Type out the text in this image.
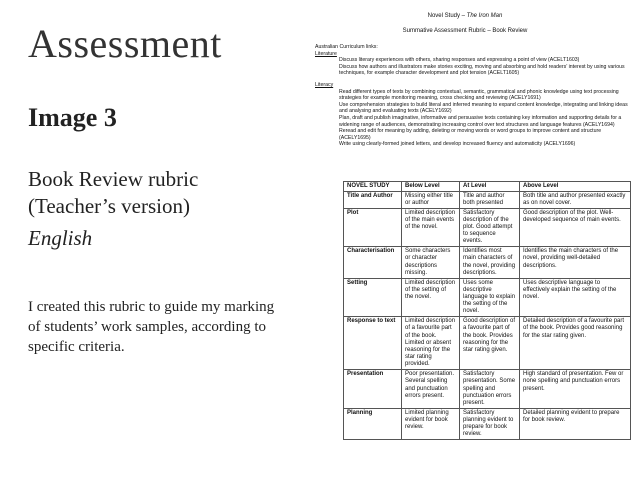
Assessment
Image 3
Book Review rubric (Teacher’s version)
English
I created this rubric to guide my marking of students’ work samples, according to specific criteria.
Novel Study – The Iron Man
Summative Assessment Rubric – Book Review
Australian Curriculum links:
Literature
Discuss literary experiences with others, sharing responses and expressing a point of view (ACELT1603)
Discuss how authors and illustrators make stories exciting, moving and absorbing and hold readers’ interest by using various techniques, for example character development and plot tension (ACELT1605)
Literacy
Read different types of texts by combining contextual, semantic, grammatical and phonic knowledge using text processing strategies for example monitoring meaning, cross checking and reviewing (ACELY1691)
Use comprehension strategies to build literal and inferred meaning to expand content knowledge, integrating and linking ideas and analysing and evaluating texts (ACELY1692)
Plan, draft and publish imaginative, informative and persuasive texts containing key information and supporting details for a widening range of audiences, demonstrating increasing control over text structures and language features (ACELY1694)
Reread and edit for meaning by adding, deleting or moving words or word groups to improve content and structure (ACELY1695)
Write using clearly-formed joined letters, and develop increased fluency and automaticity (ACELY1696)
NOVEL STUDY	Below Level	At Level	Above Level
Title and Author	Missing either title or author	Title and author both presented	Both title and author presented exactly as on novel cover.
Plot	Limited description of the main events of the novel.	Satisfactory description of the plot. Good attempt to sequence events.	Good description of the plot. Well-developed sequence of main events.
Characterisation	Some characters or character descriptions missing.	Identifies most main characters of the novel, providing descriptions.	Identifies the main characters of the novel, providing well-detailed descriptions.
Setting	Limited description of the setting of the novel.	Uses some descriptive language to explain the setting of the novel.	Uses descriptive language to effectively explain the setting of the novel.
Response to text	Limited description of a favourite part of the book. Limited or absent reasoning for the star rating provided.	Good description of a favourite part of the book. Provides reasoning for the star rating given.	Detailed description of a favourite part of the book. Provides good reasoning for the star rating given.
Presentation	Poor presentation. Several spelling and punctuation errors present.	Satisfactory presentation. Some spelling and punctuation errors present.	High standard of presentation. Few or none spelling and punctuation errors present.
Planning	Limited planning evident for book review.	Satisfactory planning evident to prepare for book review.	Detailed planning evident to prepare for book review.
